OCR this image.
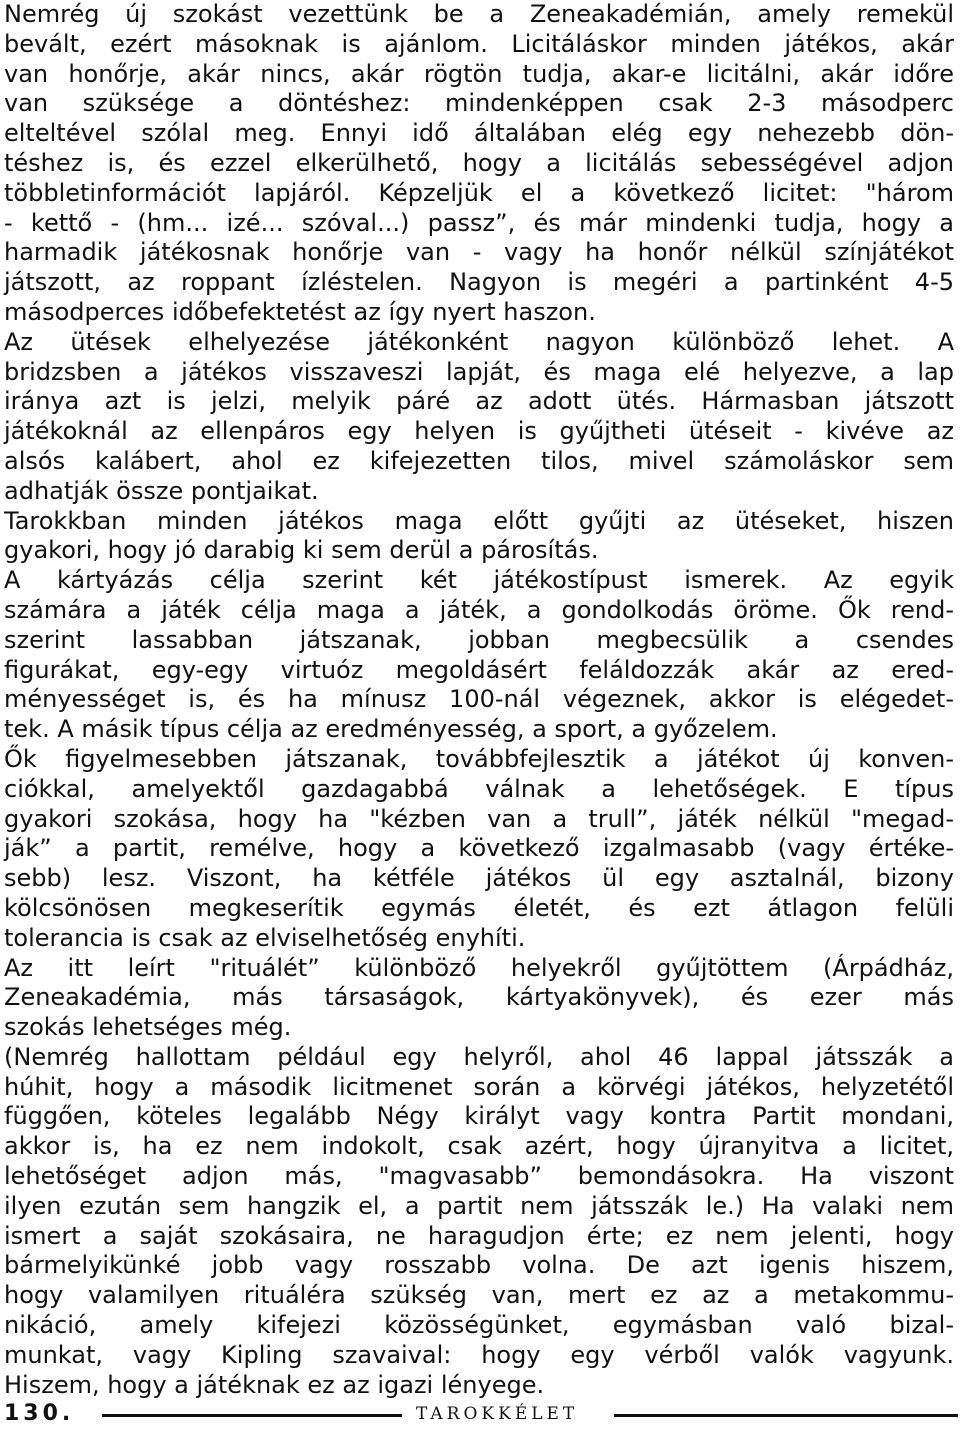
Nemrég új szokást vezettünk be a Zeneakadémián, amely remekül
bevált, ezért másoknak is ajánlom. Licitáláskor minden játékos, akár
van honőrje, akár nincs, akár rögtön tudja, akar-e licitálni, akár időre
van szüksége a döntéshez: mindenképpen csak 2-3 másodperc
elteltével szólal meg. Ennyi idő általában elég egy nehezebb dön-
téshez is, és ezzel elkerülhető, hogy a licitálás sebességével adjon
többletinformációt lapjáról. Képzeljük el a következő licitet: "három
- kettő - (hm... izé... szóval...) passz”, és már mindenki tudja, hogy a
harmadik játékosnak honőrje van - vagy ha honőr nélkül színjátékot
játszott, az roppant ízléstelen. Nagyon is megéri a partinként 4-5
másodperces időbefektetést az így nyert haszon.
Az ütések elhelyezése játékonként nagyon különböző lehet. A
bridzsben a játékos visszaveszi lapját, és maga elé helyezve, a lap
iránya azt is jelzi, melyik páré az adott ütés. Hármasban játszott
játékoknál az ellenpáros egy helyen is gyűjtheti ütéseit - kivéve az
alsós kalábert, ahol ez kifejezetten tilos, mivel számoláskor sem
adhatják össze pontjaikat.
Tarokkban minden játékos maga előtt gyűjti az ütéseket, hiszen
gyakori, hogy jó darabig ki sem derül a párosítás.
A kártyázás célja szerint két játékostípust ismerek. Az egyik
számára a játék célja maga a játék, a gondolkodás öröme. Ők rend-
szerint lassabban játszanak, jobban megbecsülik a csendes
figurákat, egy-egy virtuóz megoldásért feláldozzák akár az ered-
ményességet is, és ha mínusz 100-nál végeznek, akkor is elégedet-
tek. A másik típus célja az eredményesség, a sport, a győzelem.
Ők figyelmesebben játszanak, továbbfejlesztik a játékot új konven-
ciókkal, amelyektől gazdagabbá válnak a lehetőségek. E típus
gyakori szokása, hogy ha "kézben van a trull”, játék nélkül "megad-
ják” a partit, remélve, hogy a következő izgalmasabb (vagy értéke-
sebb) lesz. Viszont, ha kétféle játékos ül egy asztalnál, bizony
kölcsönösen megkeserítik egymás életét, és ezt átlagon felüli
tolerancia is csak az elviselhetőség enyhíti.
Az itt leírt "rituálét” különböző helyekről gyűjtöttem (Árpádház,
Zeneakadémia, más társaságok, kártyakönyvek), és ezer más
szokás lehetséges még.
(Nemrég hallottam például egy helyről, ahol 46 lappal játsszák a
húhit, hogy a második licitmenet során a körvégi játékos, helyzetétől
függően, köteles legalább Négy királyt vagy kontra Partit mondani,
akkor is, ha ez nem indokolt, csak azért, hogy újranyitva a licitet,
lehetőséget adjon más, "magvasabb” bemondásokra. Ha viszont
ilyen ezután sem hangzik el, a partit nem játsszák le.) Ha valaki nem
ismert a saját szokásaira, ne haragudjon érte; ez nem jelenti, hogy
bármelyikünké jobb vagy rosszabb volna. De azt igenis hiszem,
hogy valamilyen rituáléra szükség van, mert ez az a metakommu-
nikáció, amely kifejezi közösségünket, egymásban való bizal-
munkat, vagy Kipling szavaival: hogy egy vérből valók vagyunk.
Hiszem, hogy a játéknak ez az igazi lényege.
130.	TAROKKÉLET
